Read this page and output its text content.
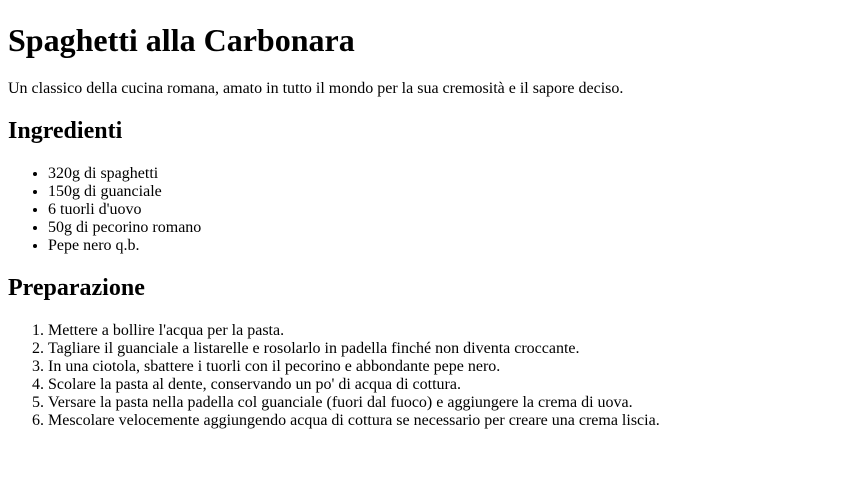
Spaghetti alla Carbonara

Un classico della cucina romana, amato in tutto il mondo per la sua cremosità e il sapore deciso.

Ingredienti
• 320g di spaghetti
• 150g di guanciale
• 6 tuorli d'uovo
• 50g di pecorino romano
• Pepe nero q.b.
Preparazione
1. Mettere a bollire l'acqua per la pasta.
2. Tagliare il guanciale a listarelle e rosolarlo in padella finché non diventa croccante.
3. In una ciotola, sbattere i tuorli con il pecorino e abbondante pepe nero.
4. Scolare la pasta al dente, conservando un po' di acqua di cottura.
5. Versare la pasta nella padella col guanciale (fuori dal fuoco) e aggiungere la crema di uova.
6. Mescolare velocemente aggiungendo acqua di cottura se necessario per creare una crema liscia.
